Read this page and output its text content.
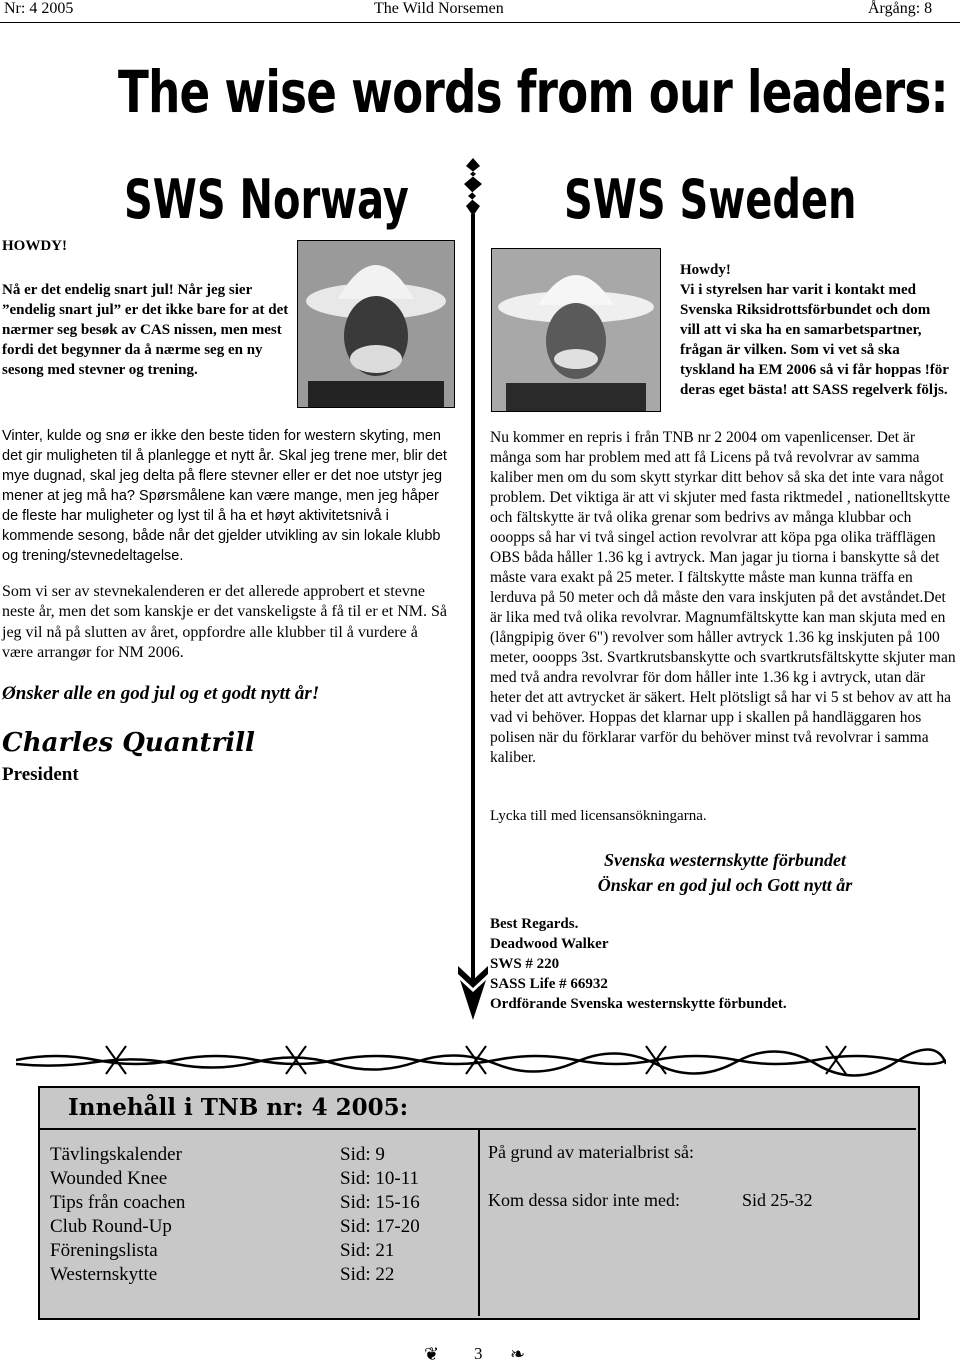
Nr: 4 2005	The Wild Norsemen	Årgång: 8
The wise words from our leaders:
SWS Norway	SWS Sweden
HOWDY!

Nå er det endelig snart jul! Når jeg sier ”endelig snart jul” er det ikke bare for at det nærmer seg besøk av CAS nissen, men mest fordi det begynner da å nærme seg en ny sesong med stevner og trening.

Vinter, kulde og snø er ikke den beste tiden for western skyting, men det gir muligheten til å planlegge et nytt år. Skal jeg trene mer, blir det mye dugnad, skal jeg delta på flere stevner eller er det noe utstyr jeg mener at jeg må ha? Spørsmålene kan være mange, men jeg håper de fleste har muligheter og lyst til å ha et høyt aktivitetsnivå i kommende sesong, både når det gjelder utvikling av sin lokale klubb og trening/stevnedeltagelse.

Som vi ser av stevnekalenderen er det allerede approbert et stevne neste år, men det som kanskje er det vanskeligste å få til er et NM. Så jeg vil nå på slutten av året, oppfordre alle klubber til å vurdere å være arrangør for NM 2006.

Ønsker alle en god jul og et godt nytt år!
Charles Quantrill
President
Howdy!

Vi i styrelsen har varit i kontakt med Svenska Riksidrottsförbundet och dom vill att vi ska ha en samarbetspartner, frågan är vilken. Som vi vet så ska tyskland ha EM 2006 så vi får hoppas !för deras eget bästa! att SASS regelverk följs.

Nu kommer en repris i från TNB nr 2 2004 om vapenlicenser. Det är många som har problem med att få Licens på två revolvrar av samma kaliber men om du som skytt styrkar ditt behov så ska det inte vara något problem. Det viktiga är att vi skjuter med fasta riktmedel , nationelltskytte och fältskytte är två olika grenar som bedrivs av många klubbar och ooopps så har vi två singel action revolvrar att köpa pga olika träfflägen OBS båda håller 1.36 kg i avtryck. Man jagar ju tiorna i banskytte så det måste vara exakt på 25 meter. I fältskytte måste man kunna träffa en lerduva på 50 meter och då måste den vara inskjuten på det avståndet.Det är lika med två olika revolvrar. Magnumfältskytte kan man skjuta med en (långpipig över 6") revolver som håller avtryck 1.36 kg inskjuten på 100 meter, ooopps 3st. Svartkrutsbanskytte och svartkrutsfältskytte skjuter man med två andra revolvrar för dom håller inte 1.36 kg i avtryck, utan där heter det att avtrycket är säkert. Helt plötsligt så har vi 5 st behov av att ha vad vi behöver. Hoppas det klarnar upp i skallen på handläggaren hos polisen när du förklarar varför du behöver minst två revolvrar i samma kaliber.

Lycka till med licensansökningarna.
Svenska westernskytte förbundet
Önskar en god jul och Gott nytt år
Best Regards.
Deadwood Walker
SWS # 220
SASS Life # 66932
Ordförande Svenska westernskytte förbundet.
Innehåll i TNB nr: 4 2005:
Tävlingskalender	Sid: 9
Wounded Knee	Sid: 10-11
Tips från coachen	Sid: 15-16
Club Round-Up	Sid: 17-20
Föreningslista	Sid: 21
Westernskytte	Sid: 22
På grund av materialbrist så:
Kom dessa sidor inte med:	Sid 25-32
❦ 3 ❧
